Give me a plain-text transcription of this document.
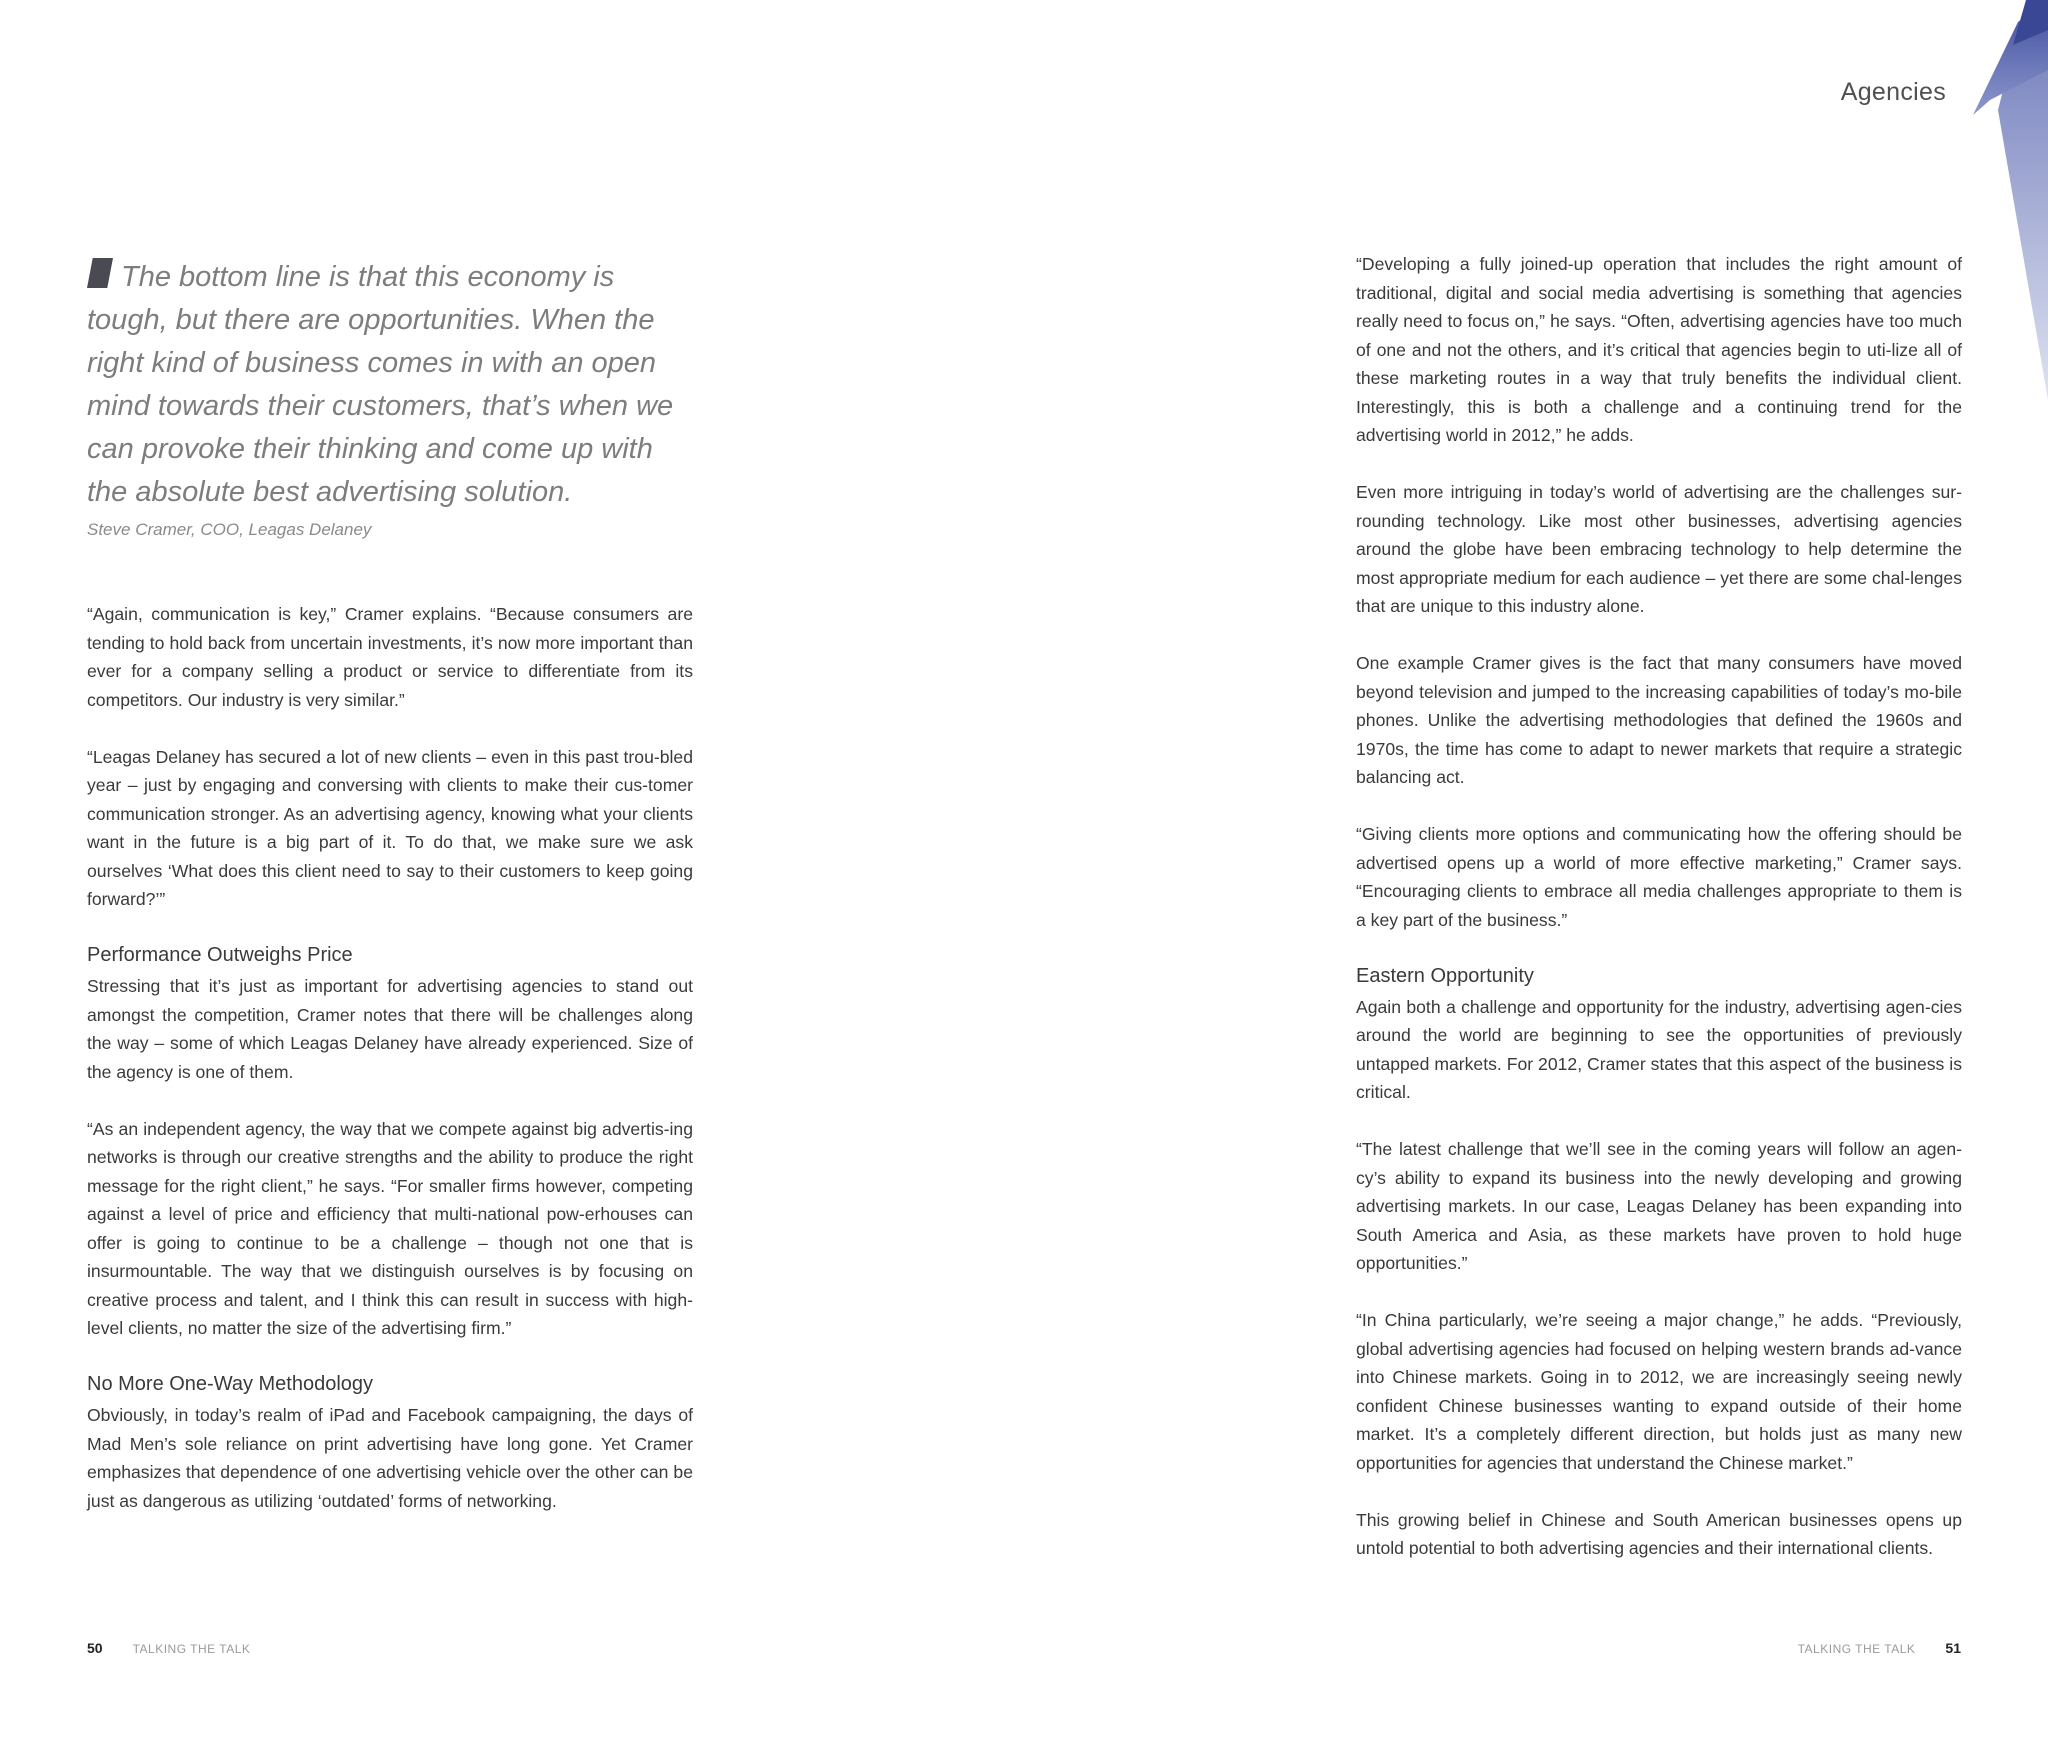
Agencies

The bottom line is that this economy is tough, but there are opportunities. When the right kind of business comes in with an open mind towards their customers, that’s when we can provoke their thinking and come up with the absolute best advertising solution.

Steve Cramer, COO, Leagas Delaney

“Again, communication is key,” Cramer explains. “Because consumers are tending to hold back from uncertain investments, it’s now more important than ever for a company selling a product or service to differentiate from its competitors. Our industry is very similar.”

“Leagas Delaney has secured a lot of new clients – even in this past trou-bled year – just by engaging and conversing with clients to make their cus-tomer communication stronger. As an advertising agency, knowing what your clients want in the future is a big part of it. To do that, we make sure we ask ourselves ‘What does this client need to say to their customers to keep going forward?’”

Performance Outweighs Price

Stressing that it’s just as important for advertising agencies to stand out amongst the competition, Cramer notes that there will be challenges along the way – some of which Leagas Delaney have already experienced. Size of the agency is one of them.

“As an independent agency, the way that we compete against big advertis-ing networks is through our creative strengths and the ability to produce the right message for the right client,” he says. “For smaller firms however, competing against a level of price and efficiency that multi-national pow-erhouses can offer is going to continue to be a challenge – though not one that is insurmountable. The way that we distinguish ourselves is by focusing on creative process and talent, and I think this can result in success with high-level clients, no matter the size of the advertising firm.”

No More One-Way Methodology

Obviously, in today’s realm of iPad and Facebook campaigning, the days of Mad Men’s sole reliance on print advertising have long gone. Yet Cramer emphasizes that dependence of one advertising vehicle over the other can be just as dangerous as utilizing ‘outdated’ forms of networking.

“Developing a fully joined-up operation that includes the right amount of traditional, digital and social media advertising is something that agencies really need to focus on,” he says. “Often, advertising agencies have too much of one and not the others, and it’s critical that agencies begin to uti-lize all of these marketing routes in a way that truly benefits the individual client. Interestingly, this is both a challenge and a continuing trend for the advertising world in 2012,” he adds.

Even more intriguing in today’s world of advertising are the challenges sur-rounding technology. Like most other businesses, advertising agencies around the globe have been embracing technology to help determine the most appropriate medium for each audience – yet there are some chal-lenges that are unique to this industry alone.

One example Cramer gives is the fact that many consumers have moved beyond television and jumped to the increasing capabilities of today’s mo-bile phones. Unlike the advertising methodologies that defined the 1960s and 1970s, the time has come to adapt to newer markets that require a strategic balancing act.

“Giving clients more options and communicating how the offering should be advertised opens up a world of more effective marketing,” Cramer says. “Encouraging clients to embrace all media challenges appropriate to them is a key part of the business.”

Eastern Opportunity

Again both a challenge and opportunity for the industry, advertising agen-cies around the world are beginning to see the opportunities of previously untapped markets. For 2012, Cramer states that this aspect of the business is critical.

“The latest challenge that we’ll see in the coming years will follow an agen-cy’s ability to expand its business into the newly developing and growing advertising markets. In our case, Leagas Delaney has been expanding into South America and Asia, as these markets have proven to hold huge opportunities.”

“In China particularly, we’re seeing a major change,” he adds. “Previously, global advertising agencies had focused on helping western brands ad-vance into Chinese markets. Going in to 2012, we are increasingly seeing newly confident Chinese businesses wanting to expand outside of their home market. It’s a completely different direction, but holds just as many new opportunities for agencies that understand the Chinese market.”

This growing belief in Chinese and South American businesses opens up untold potential to both advertising agencies and their international clients.

50	TALKING THE TALK	TALKING THE TALK 51
